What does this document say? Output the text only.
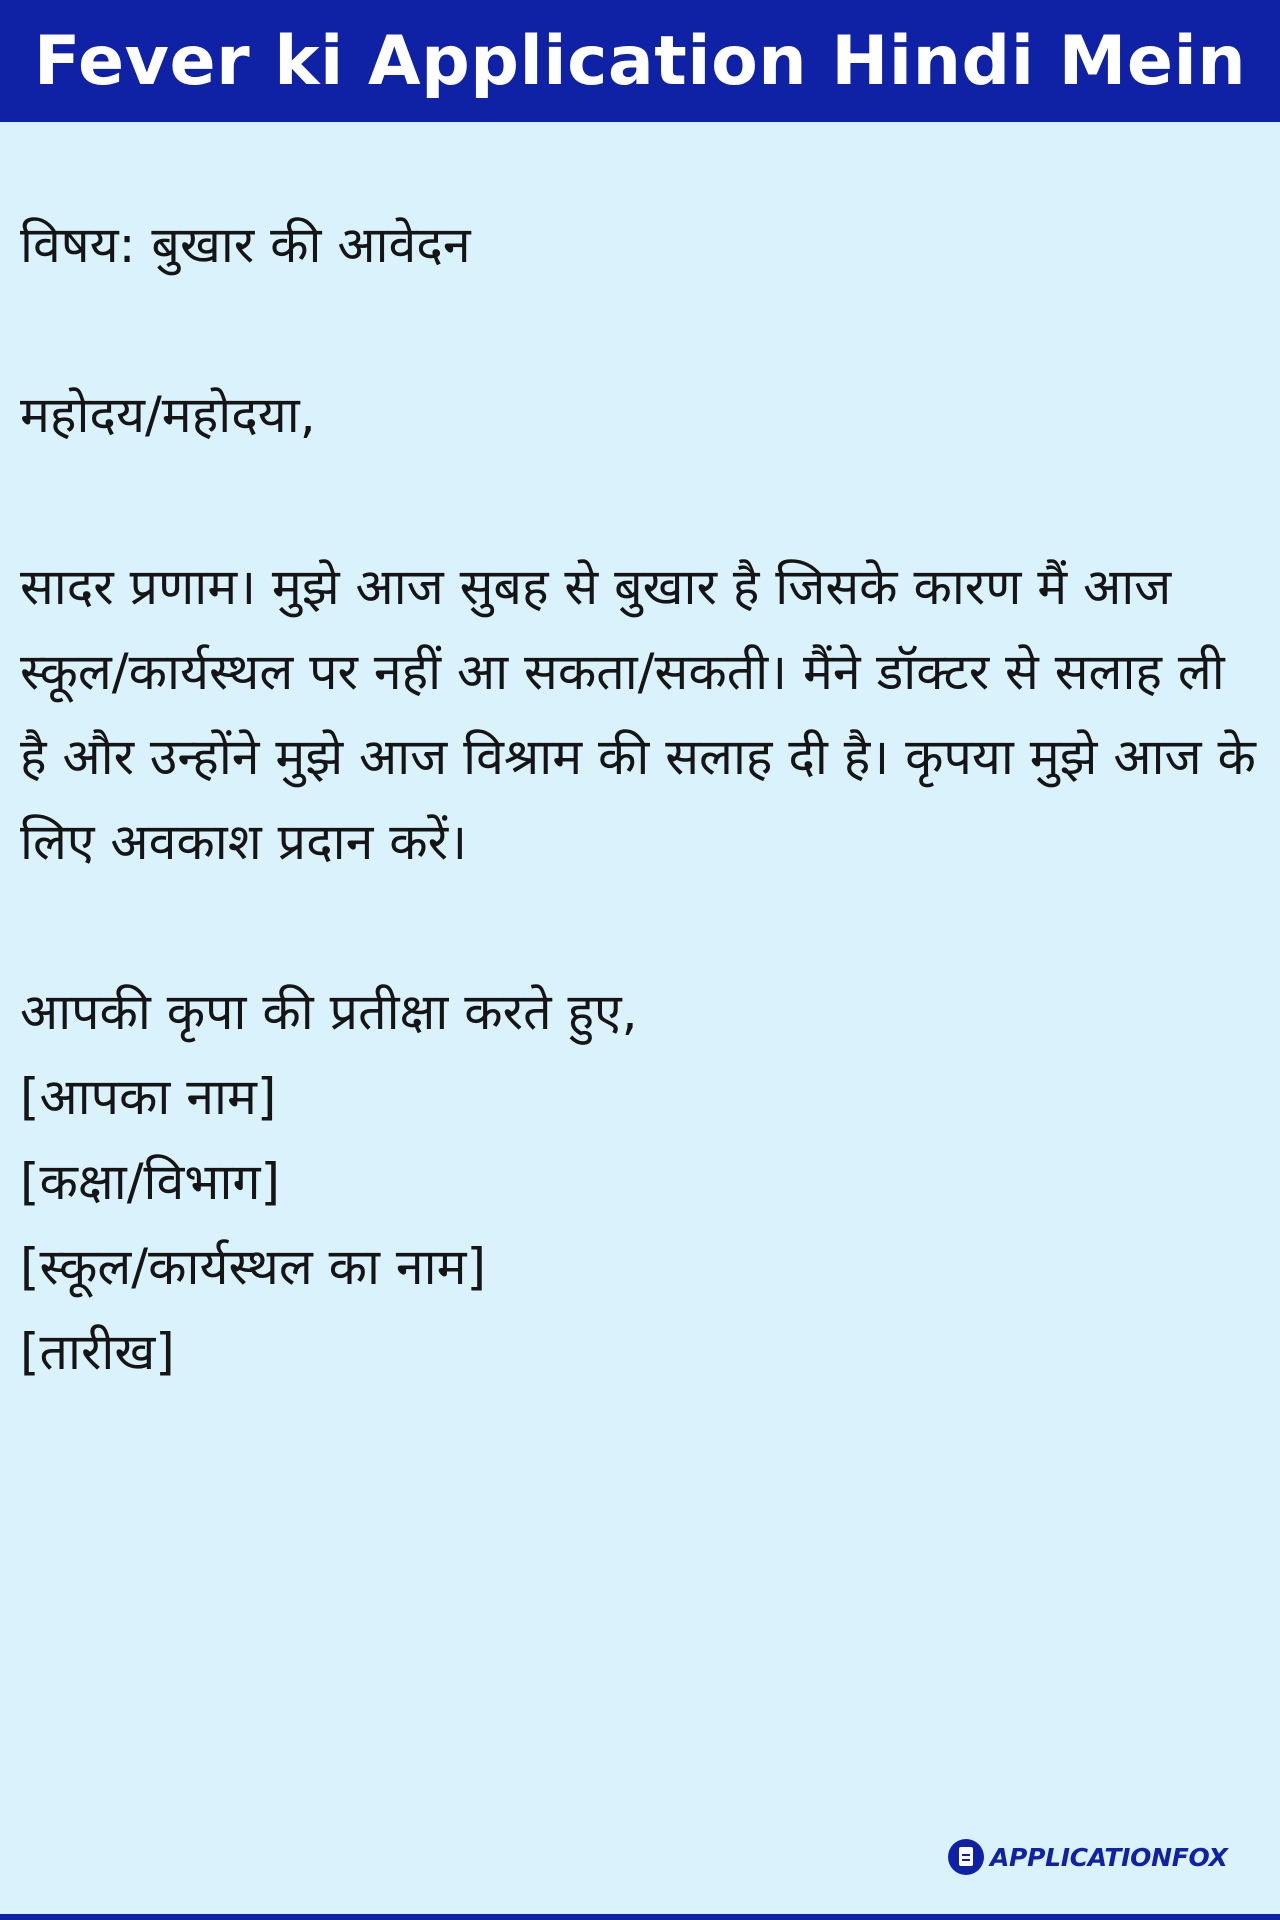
Fever ki Application Hindi Mein

विषय: बुखार की आवेदन

महोदय/महोदया,

सादर प्रणाम। मुझे आज सुबह से बुखार है जिसके कारण मैं आज स्कूल/कार्यस्थल पर नहीं आ सकता/सकती। मैंने डॉक्टर से सलाह ली है और उन्होंने मुझे आज विश्राम की सलाह दी है। कृपया मुझे आज के लिए अवकाश प्रदान करें।

आपकी कृपा की प्रतीक्षा करते हुए,

[आपका नाम]

[कक्षा/विभाग]

[स्कूल/कार्यस्थल का नाम]

[तारीख]

APPLICATIONFOX
